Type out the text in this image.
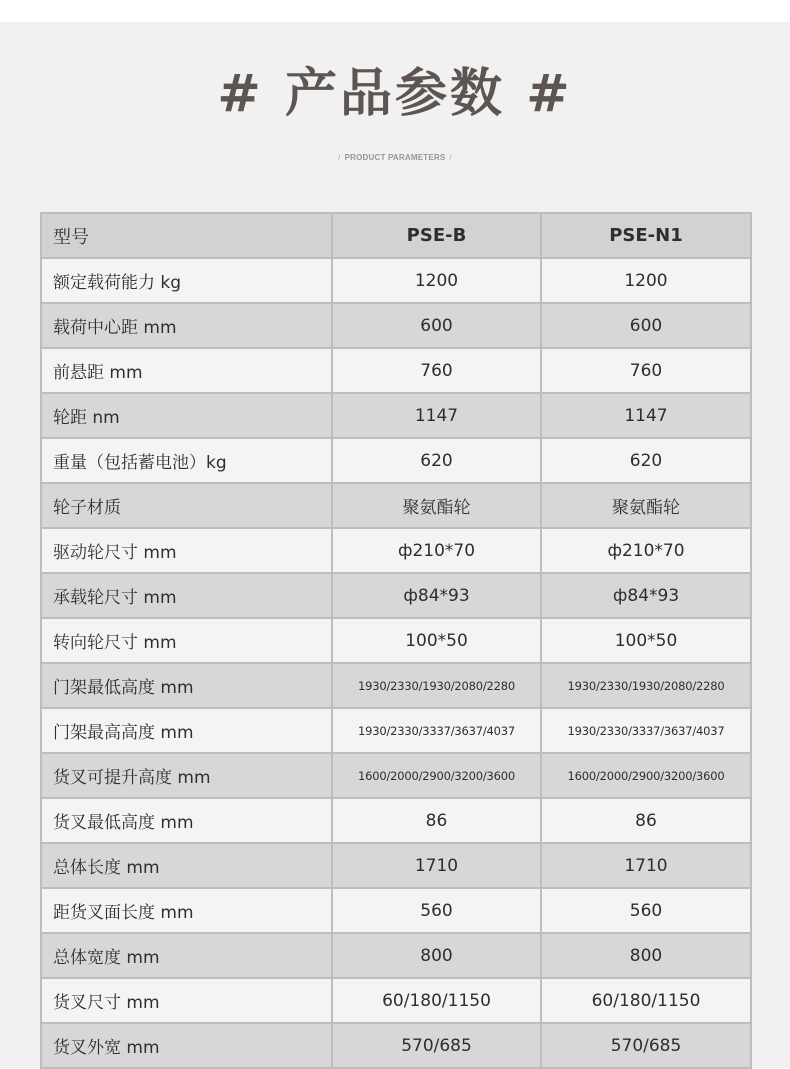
# 产品参数 #
/ PRODUCT PARAMETERS /
型号	PSE-B	PSE-N1
额定载荷能力 kg	1200	1200
载荷中心距 mm	600	600
前悬距 mm	760	760
轮距 nm	1147	1147
重量（包括蓄电池）kg	620	620
轮子材质	聚氨酯轮	聚氨酯轮
驱动轮尺寸 mm	ф210*70	ф210*70
承载轮尺寸 mm	ф84*93	ф84*93
转向轮尺寸 mm	100*50	100*50
门架最低高度 mm	1930/2330/1930/2080/2280	1930/2330/1930/2080/2280
门架最高高度 mm	1930/2330/3337/3637/4037	1930/2330/3337/3637/4037
货叉可提升高度 mm	1600/2000/2900/3200/3600	1600/2000/2900/3200/3600
货叉最低高度 mm	86	86
总体长度 mm	1710	1710
距货叉面长度 mm	560	560
总体宽度 mm	800	800
货叉尺寸 mm	60/180/1150	60/180/1150
货叉外宽 mm	570/685	570/685
